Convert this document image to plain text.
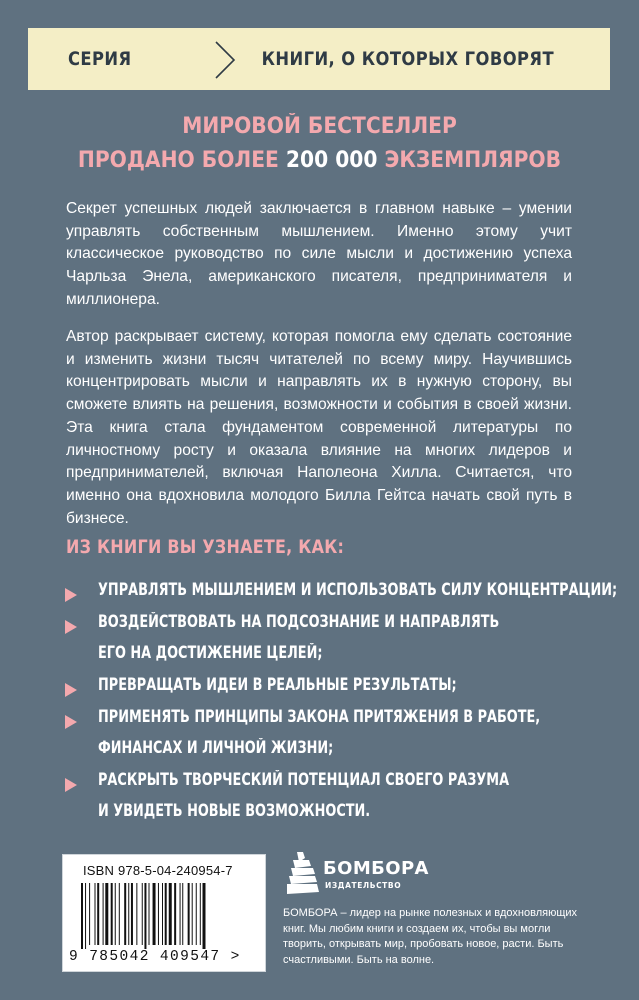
СЕРИЯ	КНИГИ, О КОТОРЫХ ГОВОРЯТ
МИРОВОЙ БЕСТСЕЛЛЕР
ПРОДАНО БОЛЕЕ 200 000 ЭКЗЕМПЛЯРОВ
Секрет успешных людей заключается в главном навыке – умении управлять собственным мышлением. Именно этому учит классическое руководство по силе мысли и достижению успеха Чарльза Энела, американского писателя, предпринимателя и миллионера.
Автор раскрывает систему, которая помогла ему сделать состояние и изменить жизни тысяч читателей по всему миру. Научившись концентрировать мысли и направлять их в нужную сторону, вы сможете влиять на решения, возможности и события в своей жизни. Эта книга стала фундаментом современной литературы по личностному росту и оказала влияние на многих лидеров и предпринимателей, включая Наполеона Хилла. Считается, что именно она вдохновила молодого Билла Гейтса начать свой путь в бизнесе.
ИЗ КНИГИ ВЫ УЗНАЕТЕ, КАК:
УПРАВЛЯТЬ МЫШЛЕНИЕМ И ИСПОЛЬЗОВАТЬ СИЛУ КОНЦЕНТРАЦИИ;
ВОЗДЕЙСТВОВАТЬ НА ПОДСОЗНАНИЕ И НАПРАВЛЯТЬ
ЕГО НА ДОСТИЖЕНИЕ ЦЕЛЕЙ;
ПРЕВРАЩАТЬ ИДЕИ В РЕАЛЬНЫЕ РЕЗУЛЬТАТЫ;
ПРИМЕНЯТЬ ПРИНЦИПЫ ЗАКОНА ПРИТЯЖЕНИЯ В РАБОТЕ,
ФИНАНСАХ И ЛИЧНОЙ ЖИЗНИ;
РАСКРЫТЬ ТВОРЧЕСКИЙ ПОТЕНЦИАЛ СВОЕГО РАЗУМА
И УВИДЕТЬ НОВЫЕ ВОЗМОЖНОСТИ.
ISBN 978-5-04-240954-7
9 785042 409547 >
БОМБОРА
ИЗДАТЕЛЬСТВО
БОМБОРА – лидер на рынке полезных и вдохновляющих книг. Мы любим книги и создаем их, чтобы вы могли творить, открывать мир, пробовать новое, расти. Быть счастливыми. Быть на волне.
